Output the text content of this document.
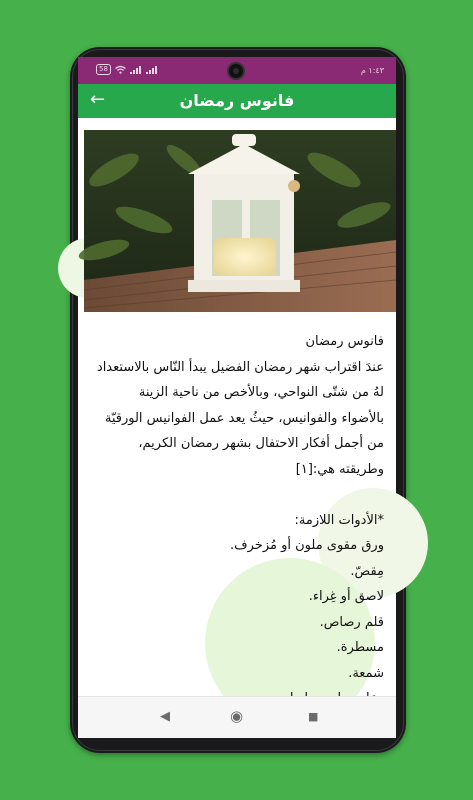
58	١:٤٣ م
←	فانوس رمضان

فانوس رمضان

عندَ اقتراب شهر رمضان الفضيل يبدأ النّاس بالاستعداد

لهُ من شتّى النواحي، وبالأخص من ناحية الزينة

بالأضواء والفوانيس، حيثُ يعد عمل الفوانيس الورقيّة

من أجمل أفكار الاحتفال بشهر رمضان الكريم،

وطريقته هي:[١]

*الأدوات اللازمة:

ورق مقوى ملون أو مُزخرف.

مِقصّ.

لاصق أو غِراء.

قلم رصاص.

مسطرة.

شمعة.

◀	◉	■
